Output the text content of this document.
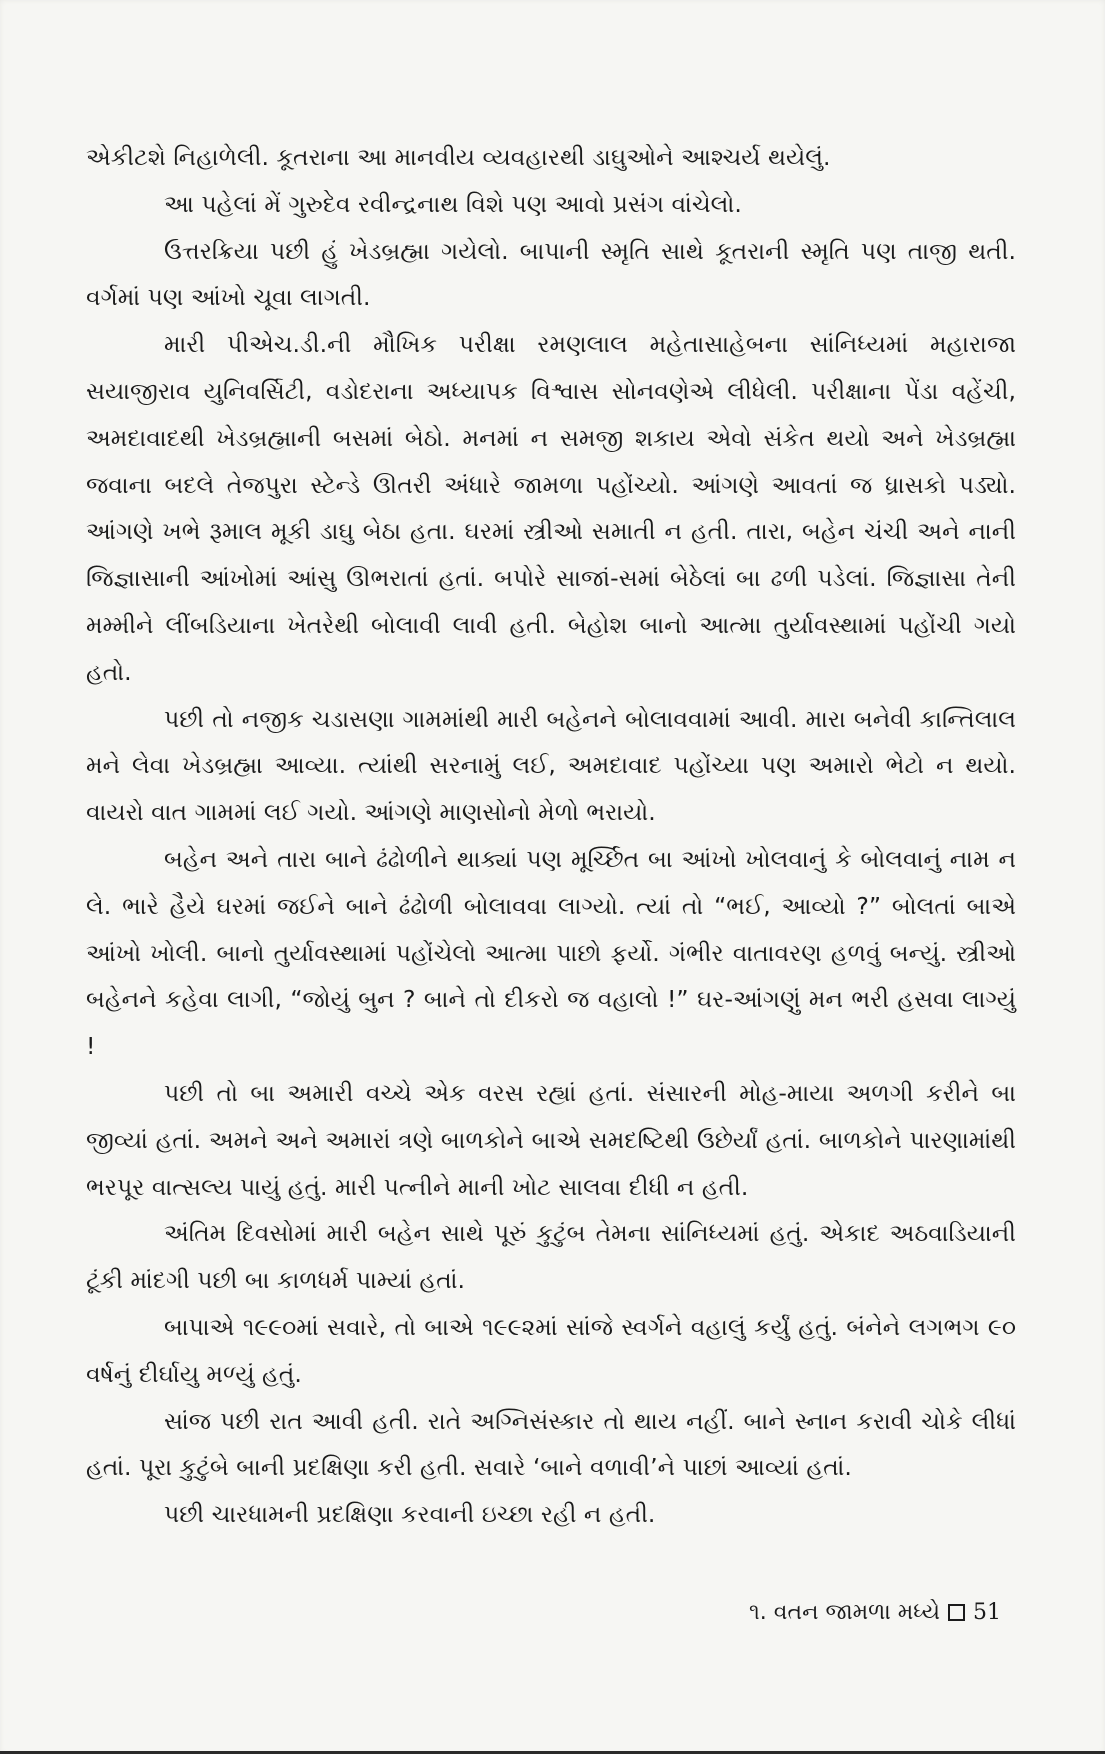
એકીટશે નિહાળેલી. કૂતરાના આ માનવીય વ્યવહારથી ડાઘુઓને આશ્ચર્ય થયેલું.

આ પહેલાં મેં ગુરુદેવ રવીન્દ્રનાથ વિશે પણ આવો પ્રસંગ વાંચેલો.

ઉત્તરક્રિયા પછી હું ખેડબ્રહ્મા ગયેલો. બાપાની સ્મૃતિ સાથે કૂતરાની સ્મૃતિ પણ તાજી થતી. વર્ગમાં પણ આંખો ચૂવા લાગતી.

મારી પીએચ.ડી.ની મૌખિક પરીક્ષા રમણલાલ મહેતાસાહેબના સાંનિધ્યમાં મહારાજા સયાજીરાવ યુનિવર્સિટી, વડોદરાના અધ્યાપક વિશ્વાસ સોનવણેએ લીધેલી. પરીક્ષાના પેંડા વહેંચી, અમદાવાદથી ખેડબ્રહ્માની બસમાં બેઠો. મનમાં ન સમજી શકાય એવો સંકેત થયો અને ખેડબ્રહ્મા જવાના બદલે તેજપુરા સ્ટેન્ડે ઊતરી અંધારે જામળા પહોંચ્યો. આંગણે આવતાં જ ધ્રાસકો પડ્યો. આંગણે ખભે રૂમાલ મૂકી ડાઘુ બેઠા હતા. ઘરમાં સ્ત્રીઓ સમાતી ન હતી. તારા, બહેન ચંચી અને નાની જિજ્ઞાસાની આંખોમાં આંસુ ઊભરાતાં હતાં. બપોરે સાજાં-સમાં બેઠેલાં બા ઢળી પડેલાં. જિજ્ઞાસા તેની મમ્મીને લીંબડિયાના ખેતરેથી બોલાવી લાવી હતી. બેહોશ બાનો આત્મા તુર્યાવસ્થામાં પહોંચી ગયો હતો.

પછી તો નજીક ચડાસણા ગામમાંથી મારી બહેનને બોલાવવામાં આવી. મારા બનેવી કાન્તિલાલ મને લેવા ખેડબ્રહ્મા આવ્યા. ત્યાંથી સરનામું લઈ, અમદાવાદ પહોંચ્યા પણ અમારો ભેટો ન થયો. વાયરો વાત ગામમાં લઈ ગયો. આંગણે માણસોનો મેળો ભરાયો.

બહેન અને તારા બાને ઢંઢોળીને થાક્યાં પણ મૂર્ચ્છિત બા આંખો ખોલવાનું કે બોલવાનું નામ ન લે. ભારે હૈયે ઘરમાં જઈને બાને ઢંઢોળી બોલાવવા લાગ્યો. ત્યાં તો “ભઈ, આવ્યો ?” બોલતાં બાએ આંખો ખોલી. બાનો તુર્યાવસ્થામાં પહોંચેલો આત્મા પાછો ફર્યો. ગંભીર વાતાવરણ હળવું બન્યું. સ્ત્રીઓ બહેનને કહેવા લાગી, “જોયું બુન ? બાને તો દીકરો જ વહાલો !” ઘર-આંગણું મન ભરી હસવા લાગ્યું !

પછી તો બા અમારી વચ્ચે એક વરસ રહ્યાં હતાં. સંસારની મોહ-માયા અળગી કરીને બા જીવ્યાં હતાં. અમને અને અમારાં ત્રણે બાળકોને બાએ સમદષ્ટિથી ઉછેર્યાં હતાં. બાળકોને પારણામાંથી ભરપૂર વાત્સલ્ય પાયું હતું. મારી પત્નીને માની ખોટ સાલવા દીધી ન હતી.

અંતિમ દિવસોમાં મારી બહેન સાથે પૂરું કુટુંબ તેમના સાંનિધ્યમાં હતું. એકાદ અઠવાડિયાની ટૂંકી માંદગી પછી બા કાળધર્મ પામ્યાં હતાં.

બાપાએ ૧૯૯૦માં સવારે, તો બાએ ૧૯૯૨માં સાંજે સ્વર્ગને વહાલું કર્યું હતું. બંનેને લગભગ ૯૦ વર્ષનું દીર્ઘાયુ મળ્યું હતું.

સાંજ પછી રાત આવી હતી. રાતે અગ્નિસંસ્કાર તો થાય નહીં. બાને સ્નાન કરાવી ચોકે લીધાં હતાં. પૂરા કુટુંબે બાની પ્રદક્ષિણા કરી હતી. સવારે ‘બાને વળાવી’ને પાછાં આવ્યાં હતાં.

પછી ચારધામની પ્રદક્ષિણા કરવાની ઇચ્છા રહી ન હતી.

૧. વતન જામળા મધ્યે 51
